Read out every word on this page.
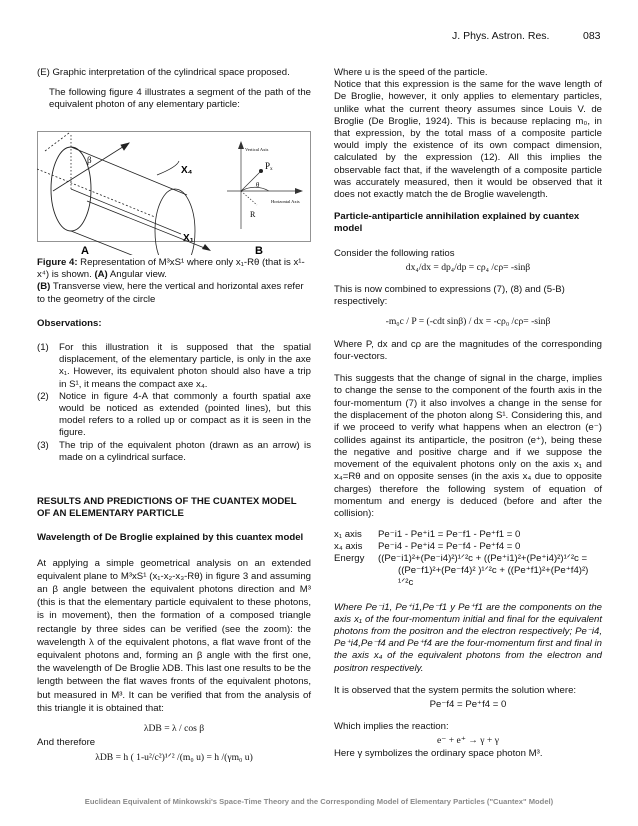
J. Phys. Astron. Res.	083

(E) Graphic interpretation of the cylindrical space proposed.

The following figure 4 illustrates a segment of the path of the equivalent photon of any elementary particle:

β
X₄
X₁
Vertical Axis
Horizontal Axis
Pₓ
θ
R
A	B

Figure 4: Representation of M³xS¹ where only x₁-Rθ (that is x¹-x⁴) is shown. (A) Angular view.
(B) Transverse view, here the vertical and horizontal axes refer to the geometry of the circle

Observations:

(1) For this illustration it is supposed that the spatial displacement, of the elementary particle, is only in the axe x₁. However, its equivalent photon should also have a trip in S¹, it means the compact axe x₄.
(2) Notice in figure 4-A that commonly a fourth spatial axe would be noticed as extended (pointed lines), but this model refers to a rolled up or compact as it is seen in the figure.
(3) The trip of the equivalent photon (drawn as an arrow) is made on a cylindrical surface.

RESULTS AND PREDICTIONS OF THE CUANTEX MODEL OF AN ELEMENTARY PARTICLE

Wavelength of De Broglie explained by this cuantex model

At applying a simple geometrical analysis on an extended equivalent plane to M³xS¹ (x₁-x₂-x₃-Rθ) in figure 3 and assuming an β angle between the equivalent photons direction and M³ (this is that the elementary particle equivalent to these photons, is in movement), then the formation of a composed triangle rectangle by three sides can be verified (see the zoom): the wavelength λ of the equivalent photons, a flat wave front of the equivalent photons and, forming an β angle with the first one, the wavelength of De Broglie λDB. This last one results to be the length between the flat waves fronts of the equivalent photons, but measured in M³. It can be verified that from the analysis of this triangle it is obtained that:

λDB = λ / cos β

And therefore

λDB = h ( 1-u²/c²)¹ᐟ² /(m₀ u) = h /(γm₀ u)

Where u is the speed of the particle.

Notice that this expression is the same for the wave length of De Broglie, however, it only applies to elementary particles, unlike what the current theory assumes since Louis V. de Broglie (De Broglie, 1924). This is because replacing m₀, in that expression, by the total mass of a composite particle would imply the existence of its own compact dimension, calculated by the expression (12). All this implies the observable fact that, if the wavelength of a composite particle was accurately measured, then it would be observed that it does not exactly match the de Broglie wavelength.

Particle-antiparticle annihilation explained by cuantex model

Consider the following ratios

dx₄/dx = dp₄/dp = cρ₄ /cρ= -sinβ

This is now combined to expressions (7), (8) and (5-B) respectively:

-m₀c / P = (-cdt sinβ) / dx = -cρ₀ /cρ= -sinβ

Where P, dx and cρ are the magnitudes of the corresponding four-vectors.

This suggests that the change of signal in the charge, implies to change the sense to the component of the fourth axis in the four-momentum (7) it also involves a change in the sense for the displacement of the photon along S¹. Considering this, and if we proceed to verify what happens when an electron (e⁻) collides against its antiparticle, the positron (e⁺), being these the negative and positive charge and if we suppose the movement of the equivalent photons only on the axis x₁ and x₄=Rθ and on opposite senses (in the axis x₄ due to opposite charges) therefore the following system of equation of momentum and energy is deduced (before and after the collision):

x₁ axis	Pe⁻i1 - Pe⁺i1 = Pe⁻f1 - Pe⁺f1 = 0
x₄ axis	Pe⁻i4 - Pe⁺i4 = Pe⁻f4 - Pe⁺f4 = 0
Energy	((Pe⁻i1)²+(Pe⁻i4)²)¹ᐟ²c + ((Pe⁺i1)²+(Pe⁺i4)²)¹ᐟ²c =
((Pe⁻f1)²+(Pe⁻f4)² )¹ᐟ²c + ((Pe⁺f1)²+(Pe⁺f4)²) ¹ᐟ²c

Where Pe⁻i1, Pe⁺i1,Pe⁻f1 y Pe⁺f1 are the components on the axis x₁ of the four-momentum initial and final for the equivalent photons from the positron and the electron respectively; Pe⁻i4, Pe⁺i4,Pe⁻f4 and Pe⁺f4 are the four-momentum first and final in the axis x₄ of the equivalent photons from the electron and positron respectively.

It is observed that the system permits the solution where:

Pe⁻f4 = Pe⁺f4 = 0

Which implies the reaction:

e⁻ + e⁺ → γ + γ

Here γ symbolizes the ordinary space photon M³.

Euclidean Equivalent of Minkowski's Space-Time Theory and the Corresponding Model of Elementary Particles ("Cuantex" Model)
